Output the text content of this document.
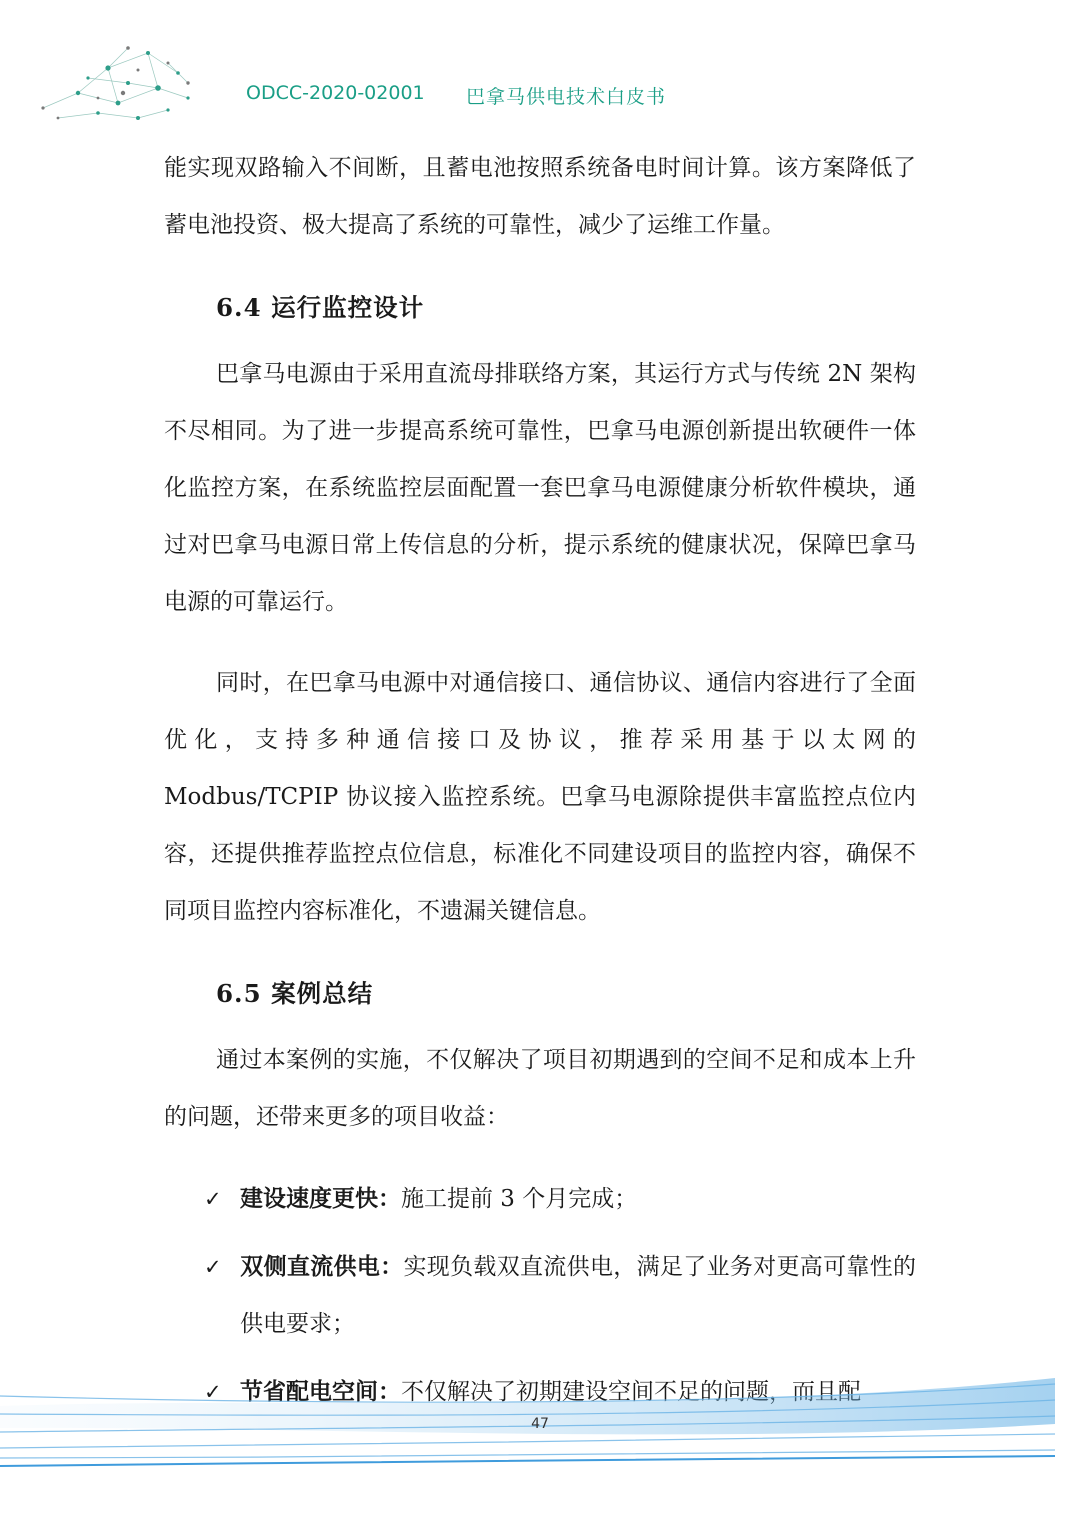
ODCC-2020-02001 巴拿马供电技术白皮书

能实现双路输入不间断，且蓄电池按照系统备电时间计算。该方案降低了蓄电池投资、极大提高了系统的可靠性，减少了运维工作量。

6.4 运行监控设计

巴拿马电源由于采用直流母排联络方案，其运行方式与传统 2N 架构不尽相同。为了进一步提高系统可靠性，巴拿马电源创新提出软硬件一体化监控方案，在系统监控层面配置一套巴拿马电源健康分析软件模块，通过对巴拿马电源日常上传信息的分析，提示系统的健康状况，保障巴拿马电源的可靠运行。

同时，在巴拿马电源中对通信接口、通信协议、通信内容进行了全面优化，支持多种通信接口及协议，推荐采用基于以太网的 Modbus/TCPIP 协议接入监控系统。巴拿马电源除提供丰富监控点位内容，还提供推荐监控点位信息，标准化不同建设项目的监控内容，确保不同项目监控内容标准化，不遗漏关键信息。

6.5 案例总结

通过本案例的实施，不仅解决了项目初期遇到的空间不足和成本上升的问题，还带来更多的项目收益：

✓ 建设速度更快：施工提前 3 个月完成；
✓ 双侧直流供电：实现负载双直流供电，满足了业务对更高可靠性的供电要求；
✓ 节省配电空间：不仅解决了初期建设空间不足的问题，而且配
47
